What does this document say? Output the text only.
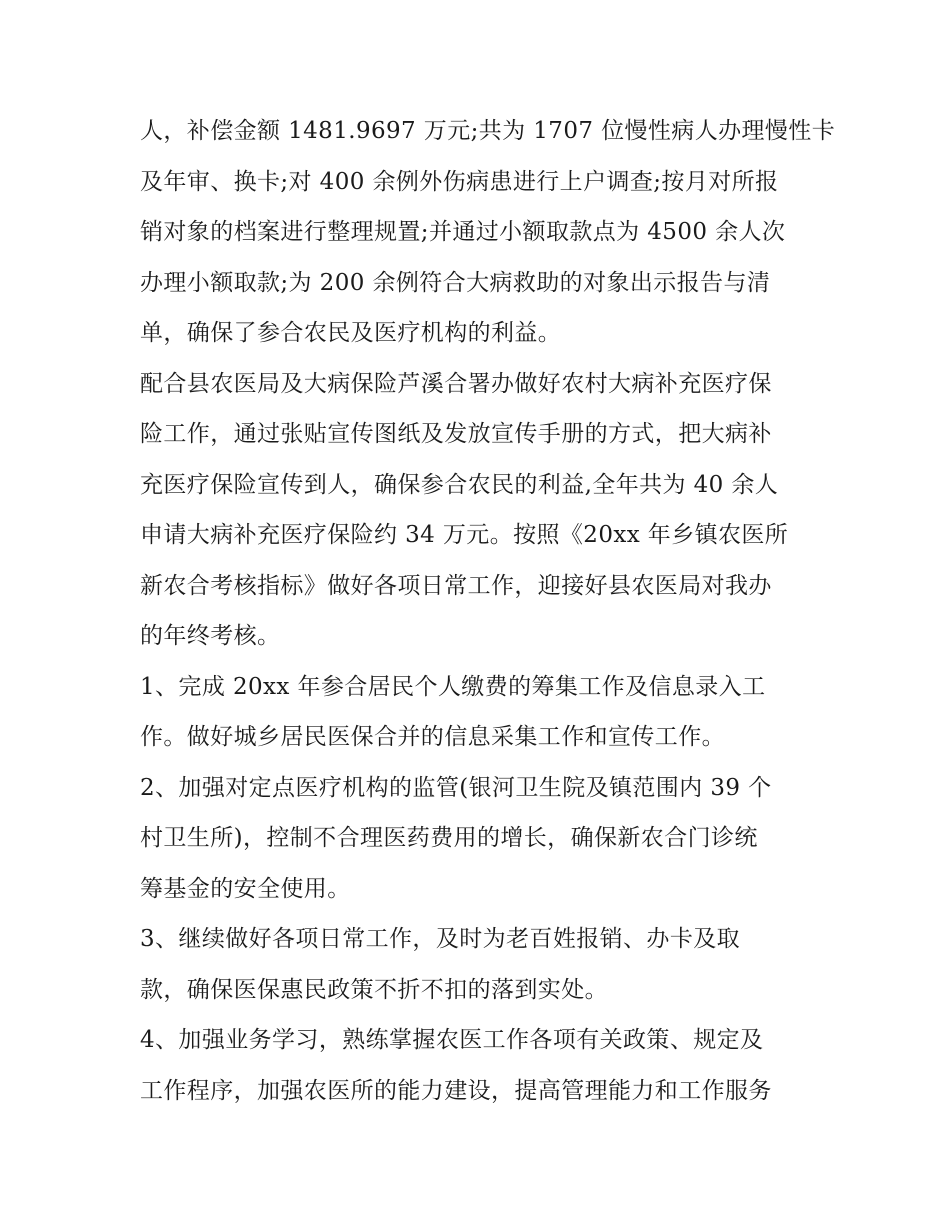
人，补偿金额 1481.9697 万元;共为 1707 位慢性病人办理慢性卡
及年审、换卡;对 400 余例外伤病患进行上户调查;按月对所报
销对象的档案进行整理规置;并通过小额取款点为 4500 余人次
办理小额取款;为 200 余例符合大病救助的对象出示报告与清
单，确保了参合农民及医疗机构的利益。
配合县农医局及大病保险芦溪合署办做好农村大病补充医疗保
险工作，通过张贴宣传图纸及发放宣传手册的方式，把大病补
充医疗保险宣传到人，确保参合农民的利益,全年共为 40 余人
申请大病补充医疗保险约 34 万元。按照《20xx 年乡镇农医所
新农合考核指标》做好各项日常工作，迎接好县农医局对我办
的年终考核。
1、完成 20xx 年参合居民个人缴费的筹集工作及信息录入工
作。做好城乡居民医保合并的信息采集工作和宣传工作。
2、加强对定点医疗机构的监管(银河卫生院及镇范围内 39 个
村卫生所)，控制不合理医药费用的增长，确保新农合门诊统
筹基金的安全使用。
3、继续做好各项日常工作，及时为老百姓报销、办卡及取
款，确保医保惠民政策不折不扣的落到实处。
4、加强业务学习，熟练掌握农医工作各项有关政策、规定及
工作程序，加强农医所的能力建设，提高管理能力和工作服务
